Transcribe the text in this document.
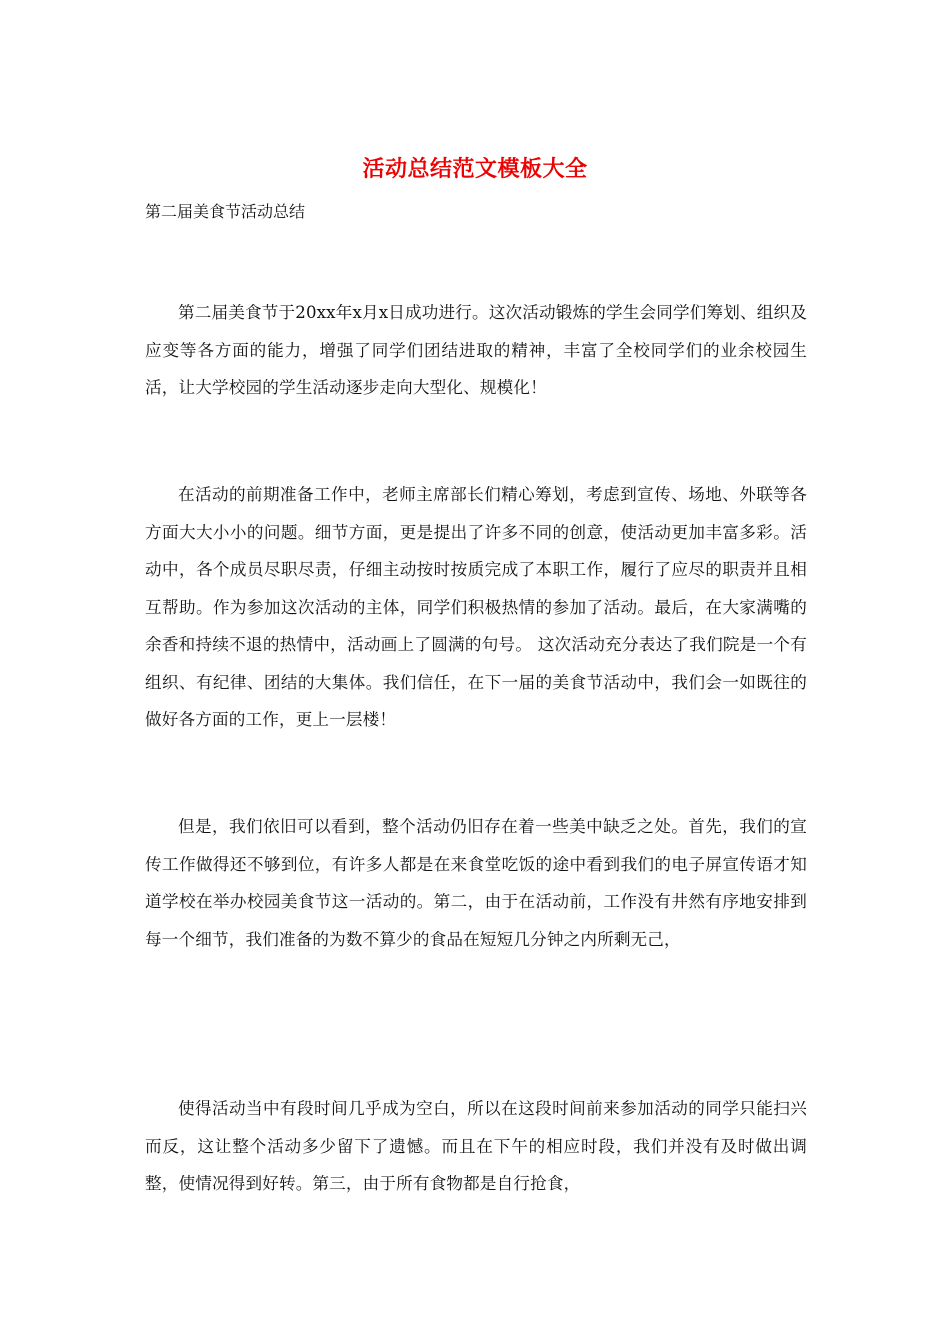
活动总结范文模板大全
第二届美食节活动总结

第二届美食节于20xx年x月x日成功进行。这次活动锻炼的学生会同学们筹划、组织及应变等各方面的能力，增强了同学们团结进取的精神，丰富了全校同学们的业余校园生活，让大学校园的学生活动逐步走向大型化、规模化！

在活动的前期准备工作中，老师主席部长们精心筹划，考虑到宣传、场地、外联等各方面大大小小的问题。细节方面，更是提出了许多不同的创意，使活动更加丰富多彩。活动中，各个成员尽职尽责，仔细主动按时按质完成了本职工作，履行了应尽的职责并且相互帮助。作为参加这次活动的主体，同学们积极热情的参加了活动。最后，在大家满嘴的余香和持续不退的热情中，活动画上了圆满的句号。 这次活动充分表达了我们院是一个有组织、有纪律、团结的大集体。我们信任，在下一届的美食节活动中，我们会一如既往的做好各方面的工作，更上一层楼！

但是，我们依旧可以看到，整个活动仍旧存在着一些美中缺乏之处。首先，我们的宣传工作做得还不够到位，有许多人都是在来食堂吃饭的途中看到我们的电子屏宣传语才知道学校在举办校园美食节这一活动的。第二，由于在活动前，工作没有井然有序地安排到每一个细节，我们准备的为数不算少的食品在短短几分钟之内所剩无己，

使得活动当中有段时间几乎成为空白，所以在这段时间前来参加活动的同学只能扫兴而反，这让整个活动多少留下了遗憾。而且在下午的相应时段，我们并没有及时做出调整，使情况得到好转。第三，由于所有食物都是自行抢食，
